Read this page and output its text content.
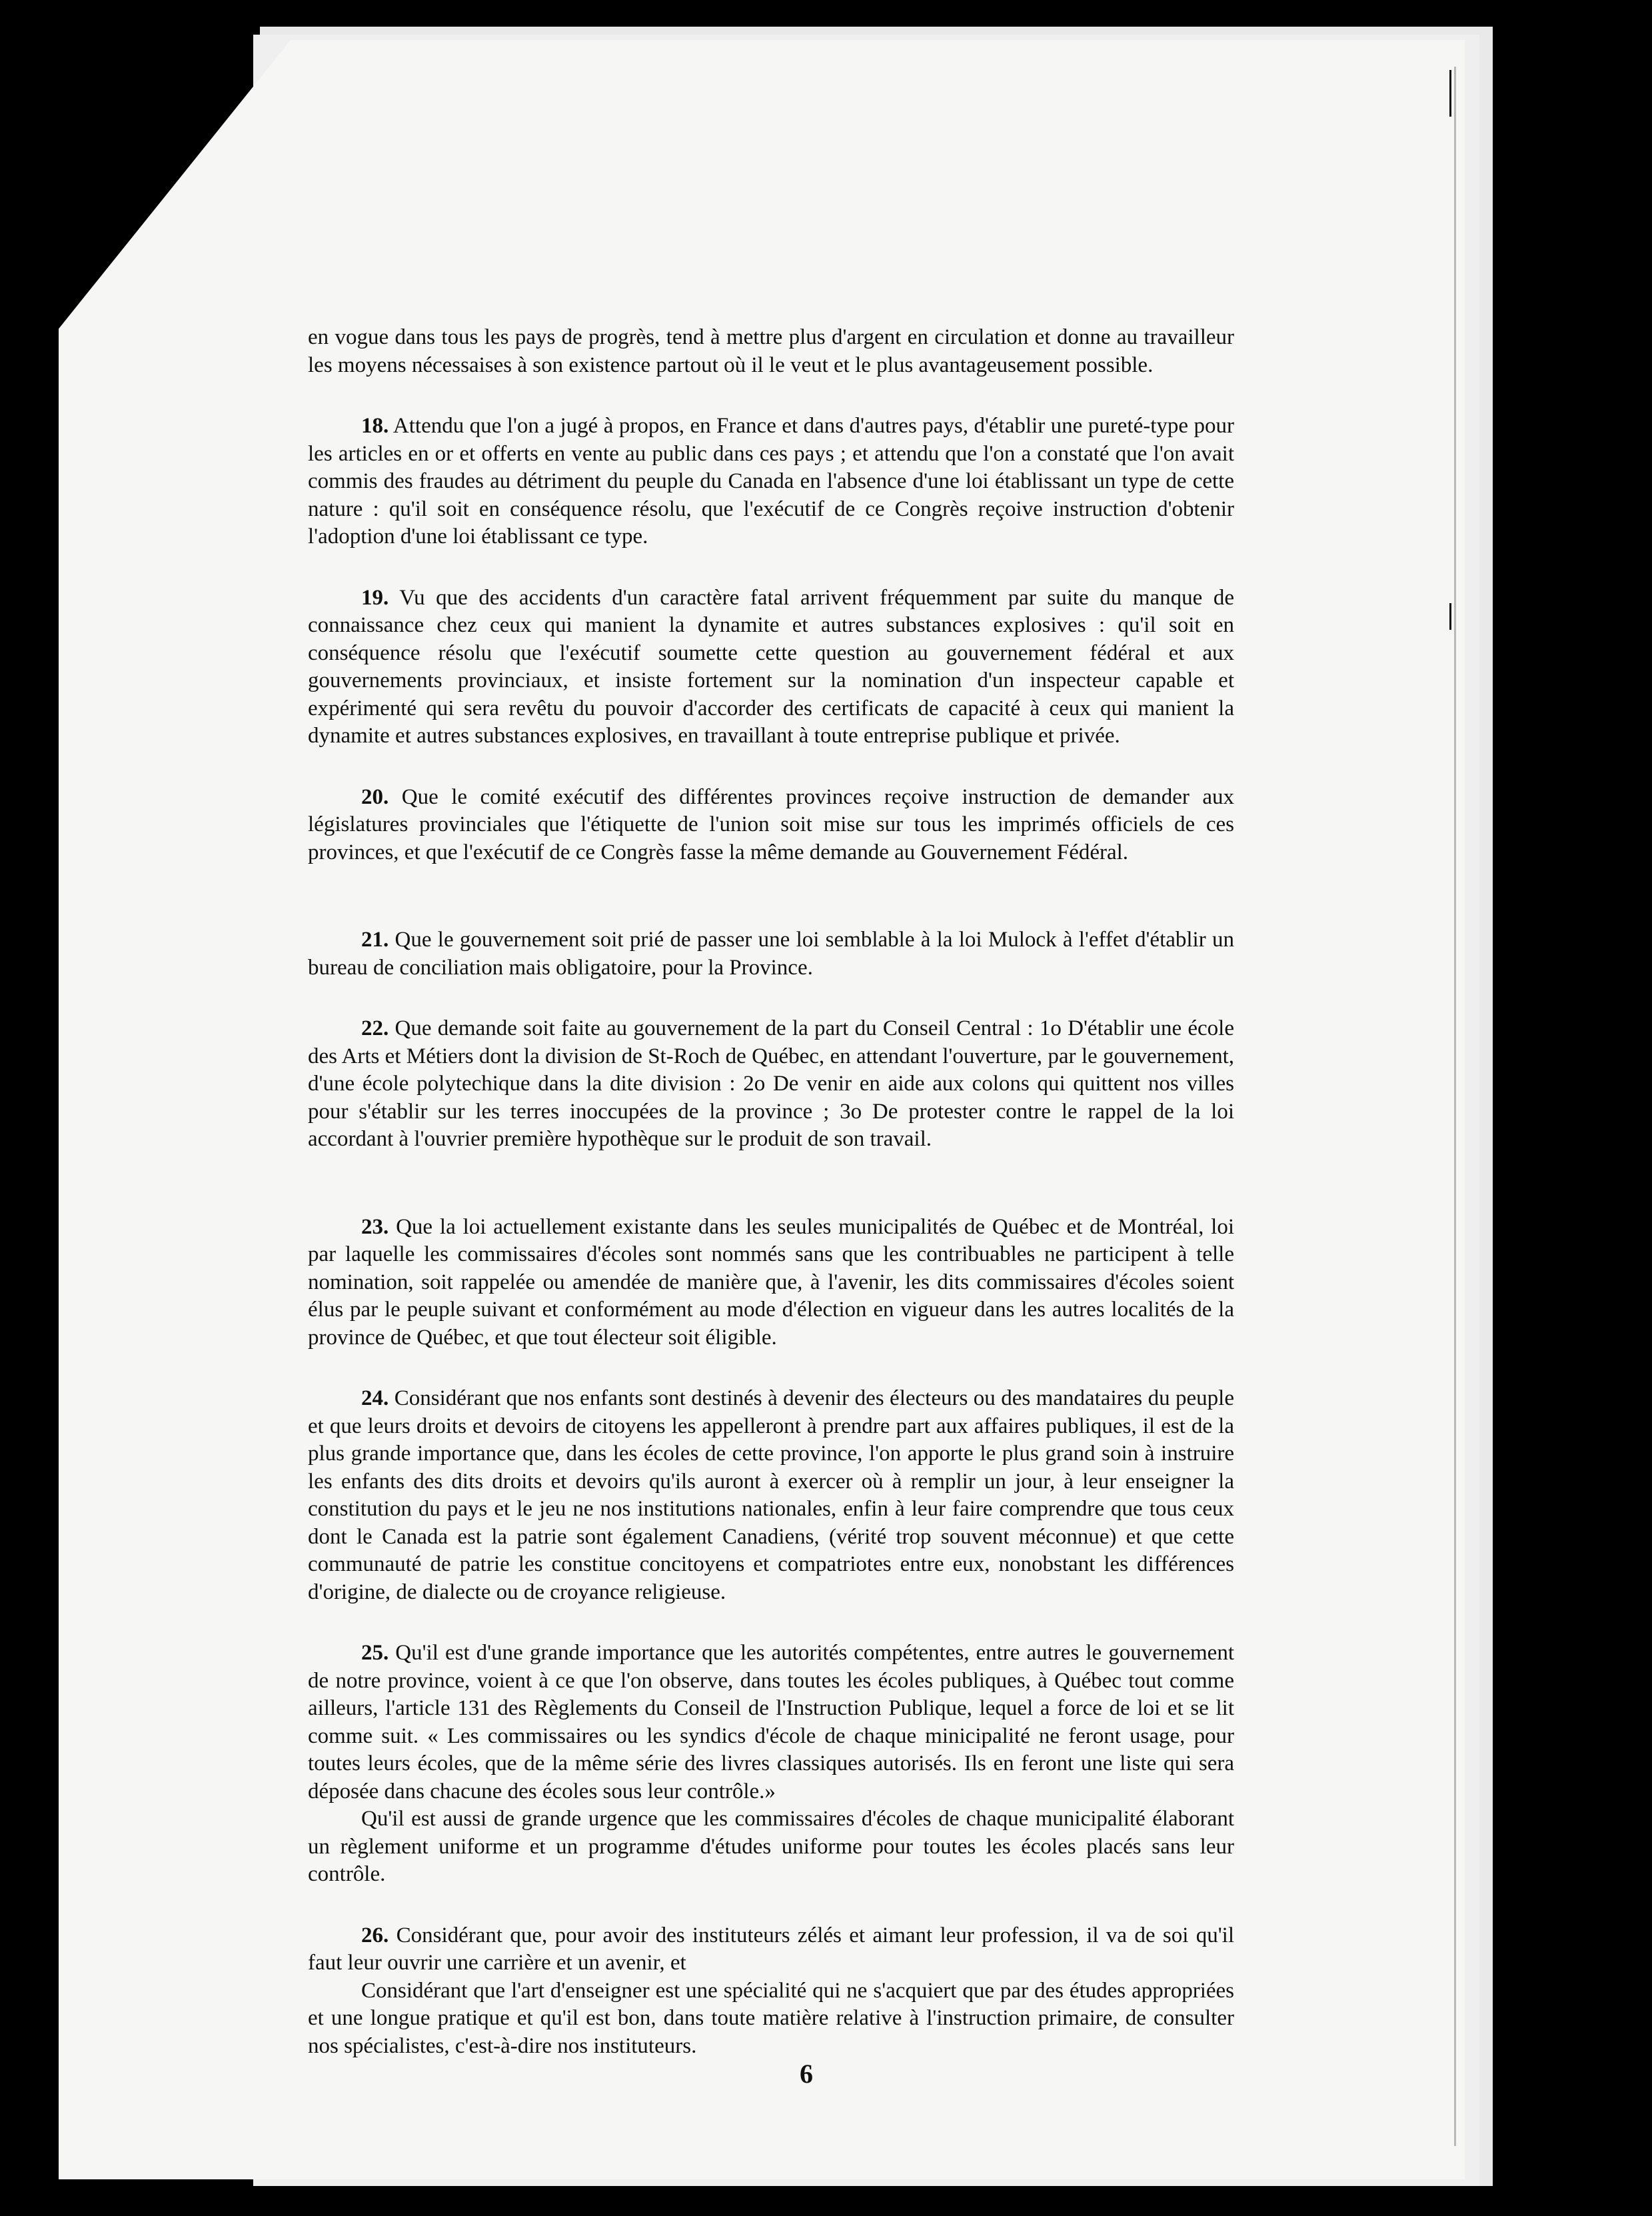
en vogue dans tous les pays de progrès, tend à mettre plus d'argent en circulation et donne au travailleur les moyens nécessaises à son existence partout où il le veut et le plus avantageusement possible.

18. Attendu que l'on a jugé à propos, en France et dans d'autres pays, d'établir une pureté-type pour les articles en or et offerts en vente au public dans ces pays ; et attendu que l'on a constaté que l'on avait commis des fraudes au détriment du peuple du Canada en l'absence d'une loi établissant un type de cette nature : qu'il soit en conséquence résolu, que l'exécutif de ce Congrès reçoive instruction d'obtenir l'adoption d'une loi établissant ce type.

19. Vu que des accidents d'un caractère fatal arrivent fréquemment par suite du manque de connaissance chez ceux qui manient la dynamite et autres substances explosives : qu'il soit en conséquence résolu que l'exécutif soumette cette question au gouvernement fédéral et aux gouvernements provinciaux, et insiste fortement sur la nomination d'un inspecteur capable et expérimenté qui sera revêtu du pouvoir d'accorder des certificats de capacité à ceux qui manient la dynamite et autres substances explosives, en travaillant à toute entreprise publique et privée.

20. Que le comité exécutif des différentes provinces reçoive instruction de demander aux législatures provinciales que l'étiquette de l'union soit mise sur tous les imprimés officiels de ces provinces, et que l'exécutif de ce Congrès fasse la même demande au Gouvernement Fédéral.

21. Que le gouvernement soit prié de passer une loi semblable à la loi Mulock à l'effet d'établir un bureau de conciliation mais obligatoire, pour la Province.

22. Que demande soit faite au gouvernement de la part du Conseil Central : 1o D'établir une école des Arts et Métiers dont la division de St-Roch de Québec, en attendant l'ouverture, par le gouvernement, d'une école polytechique dans la dite division : 2o De venir en aide aux colons qui quittent nos villes pour s'établir sur les terres inoccupées de la province ; 3o De protester contre le rappel de la loi accordant à l'ouvrier première hypothèque sur le produit de son travail.

23. Que la loi actuellement existante dans les seules municipalités de Québec et de Montréal, loi par laquelle les commissaires d'écoles sont nommés sans que les contribuables ne participent à telle nomination, soit rappelée ou amendée de manière que, à l'avenir, les dits commissaires d'écoles soient élus par le peuple suivant et conformément au mode d'élection en vigueur dans les autres localités de la province de Québec, et que tout électeur soit éligible.

24. Considérant que nos enfants sont destinés à devenir des électeurs ou des mandataires du peuple et que leurs droits et devoirs de citoyens les appelleront à prendre part aux affaires publiques, il est de la plus grande importance que, dans les écoles de cette province, l'on apporte le plus grand soin à instruire les enfants des dits droits et devoirs qu'ils auront à exercer où à remplir un jour, à leur enseigner la constitution du pays et le jeu ne nos institutions nationales, enfin à leur faire comprendre que tous ceux dont le Canada est la patrie sont également Canadiens, (vérité trop souvent méconnue) et que cette communauté de patrie les constitue concitoyens et compatriotes entre eux, nonobstant les différences d'origine, de dialecte ou de croyance religieuse.

25. Qu'il est d'une grande importance que les autorités compétentes, entre autres le gouvernement de notre province, voient à ce que l'on observe, dans toutes les écoles publiques, à Québec tout comme ailleurs, l'article 131 des Règlements du Conseil de l'Instruction Publique, lequel a force de loi et se lit comme suit. « Les commissaires ou les syndics d'école de chaque minicipalité ne feront usage, pour toutes leurs écoles, que de la même série des livres classiques autorisés. Ils en feront une liste qui sera déposée dans chacune des écoles sous leur contrôle.»

Qu'il est aussi de grande urgence que les commissaires d'écoles de chaque municipalité élaborant un règlement uniforme et un programme d'études uniforme pour toutes les écoles placés sans leur contrôle.

26. Considérant que, pour avoir des instituteurs zélés et aimant leur profession, il va de soi qu'il faut leur ouvrir une carrière et un avenir, et

Considérant que l'art d'enseigner est une spécialité qui ne s'acquiert que par des études appropriées et une longue pratique et qu'il est bon, dans toute matière relative à l'instruction primaire, de consulter nos spécialistes, c'est-à-dire nos instituteurs.

6
